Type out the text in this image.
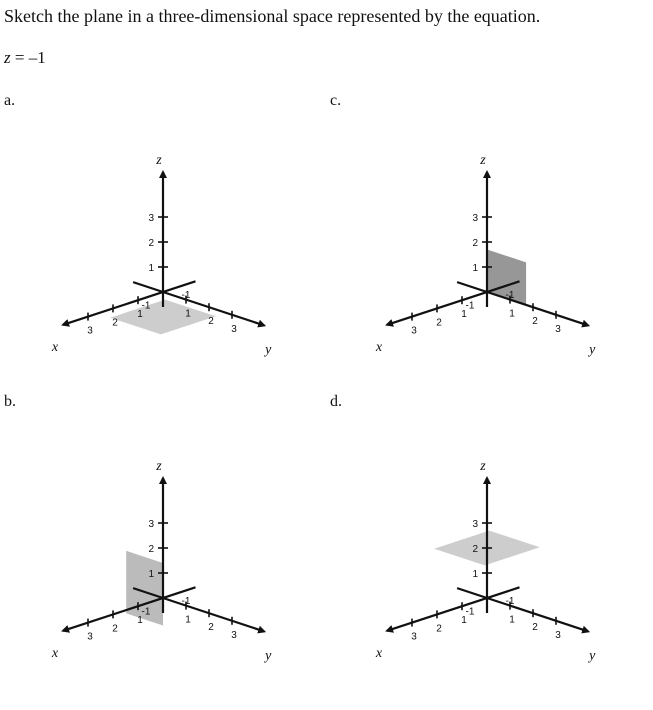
Sketch the plane in a three-dimensional space represented by the equation.
z = –1
a.	c.
b.	d.
1
1	1
2
2	2
3
3	3
-1
-1
z
x	y
1
1	1
2
2	2
3
3	3
-1
-1
z
x	y
1
1	1
2
2	2
3
3	3
-1
-1
z
x	y
1
1	1
2
2	2
3
3	3
-1
-1
z
x	y
